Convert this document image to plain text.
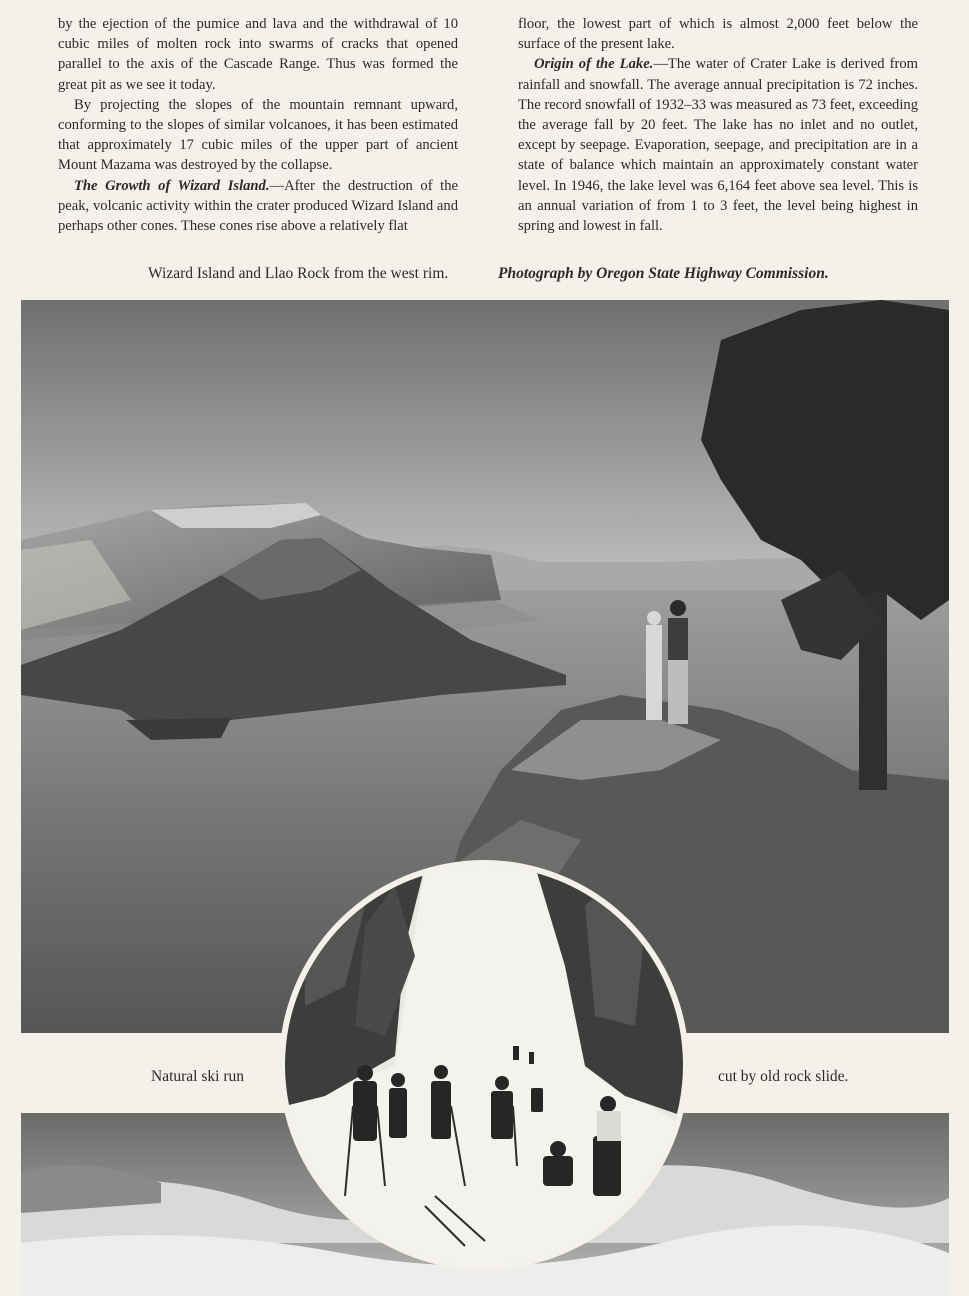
by the ejection of the pumice and lava and the withdrawal of 10 cubic miles of molten rock into swarms of cracks that opened parallel to the axis of the Cascade Range. Thus was formed the great pit as we see it today.

By projecting the slopes of the mountain remnant upward, conforming to the slopes of similar volcanoes, it has been estimated that approximately 17 cubic miles of the upper part of ancient Mount Mazama was destroyed by the collapse.

The Growth of Wizard Island.—After the destruction of the peak, volcanic activity within the crater produced Wizard Island and perhaps other cones. These cones rise above a relatively flat

floor, the lowest part of which is almost 2,000 feet below the surface of the present lake.

Origin of the Lake.—The water of Crater Lake is derived from rainfall and snowfall. The average annual precipitation is 72 inches. The record snowfall of 1932–33 was measured as 73 feet, exceeding the average fall by 20 feet. The lake has no inlet and no outlet, except by seepage. Evaporation, seepage, and precipitation are in a state of balance which maintain an approximately constant water level. In 1946, the lake level was 6,164 feet above sea level. This is an annual variation of from 1 to 3 feet, the level being highest in spring and lowest in fall.

Wizard Island and Llao Rock from the west rim.	Photograph by Oregon State Highway Commission.
Natural ski run	cut by old rock slide.
